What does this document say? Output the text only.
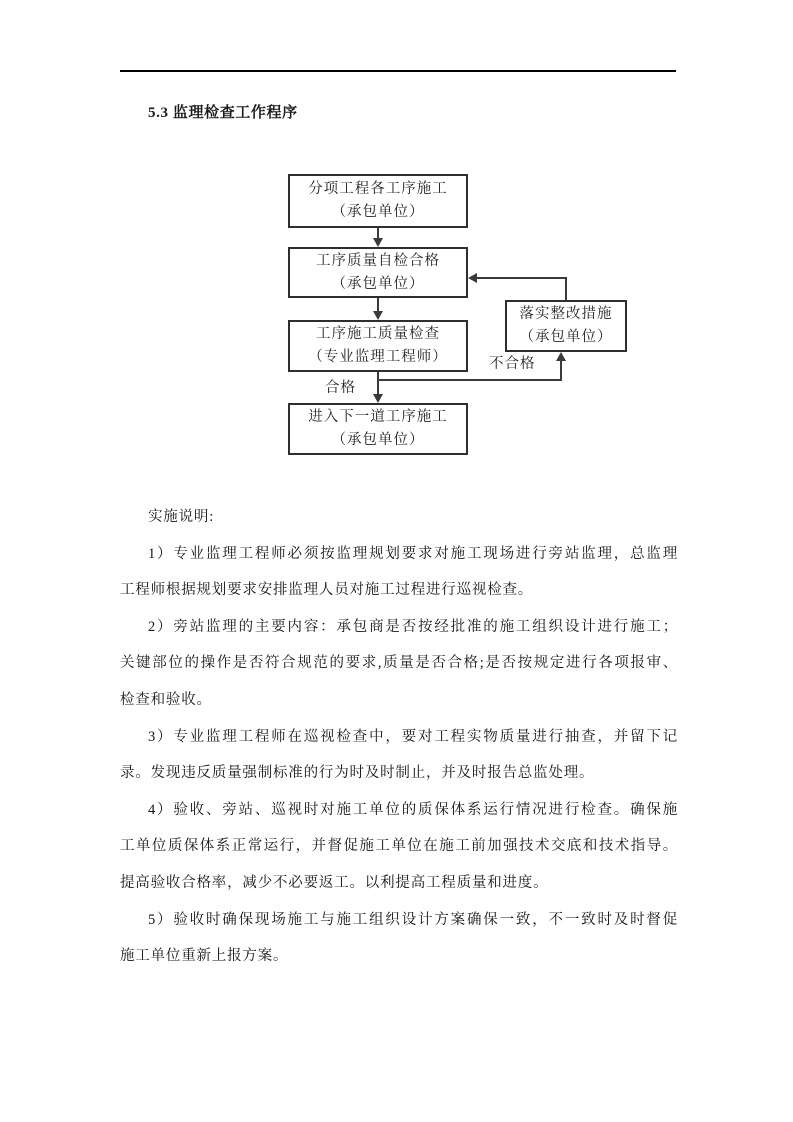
5.3 监理检查工作程序
分项工程各工序施工
（承包单位）
工序质量自检合格
（承包单位）
工序施工质量检查
（专业监理工程师）
落实整改措施
（承包单位）
进入下一道工序施工
（承包单位）
不合格
合格
实施说明:
1）专业监理工程师必须按监理规划要求对施工现场进行旁站监理，总监理
工程师根据规划要求安排监理人员对施工过程进行巡视检查。
2）旁站监理的主要内容：承包商是否按经批准的施工组织设计进行施工；
关键部位的操作是否符合规范的要求,质量是否合格;是否按规定进行各项报审、
检查和验收。
3）专业监理工程师在巡视检查中，要对工程实物质量进行抽查，并留下记
录。发现违反质量强制标准的行为时及时制止，并及时报告总监处理。
4）验收、旁站、巡视时对施工单位的质保体系运行情况进行检查。确保施
工单位质保体系正常运行，并督促施工单位在施工前加强技术交底和技术指导。
提高验收合格率，减少不必要返工。以利提高工程质量和进度。
5）验收时确保现场施工与施工组织设计方案确保一致，不一致时及时督促
施工单位重新上报方案。
